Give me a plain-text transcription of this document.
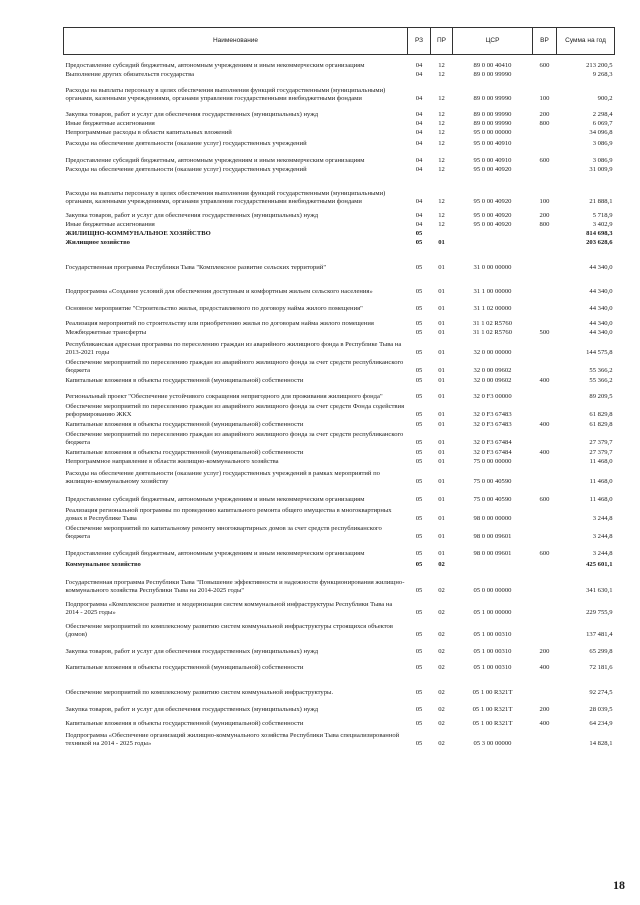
Наименование	РЗ	ПР	ЦСР	ВР	Сумма на год
Предоставление субсидий бюджетным, автономным учреждениям и иным некоммерческим организациям	04	12	89 0 00 40410	600	213 200,5
Выполнение других обязательств государства	04	12	89 0 00 99990		9 268,3
Расходы на выплаты персоналу в целях обеспечения выполнения функций государственными (муниципальными) органами, казенными учреждениями, органами управления государственными внебюджетными фондами	04	12	89 0 00 99990	100	900,2
Закупка товаров, работ и услуг для обеспечения государственных (муниципальных) нужд	04	12	89 0 00 99990	200	2 298,4
Иные бюджетные ассигнования	04	12	89 0 00 99990	800	6 069,7
Непрограммные расходы в области капитальных вложений	04	12	95 0 00 00000		34 096,8
Расходы на обеспечение деятельности (оказание услуг) государственных учреждений	04	12	95 0 00 40910		3 086,9
Предоставление субсидий бюджетным, автономным учреждениям и иным некоммерческим организациям	04	12	95 0 00 40910	600	3 086,9
Расходы на обеспечение деятельности (оказание услуг) государственных учреждений	04	12	95 0 00 40920		31 009,9
Расходы на выплаты персоналу в целях обеспечения выполнения функций государственными (муниципальными) органами, казенными учреждениями, органами управления государственными внебюджетными фондами	04	12	95 0 00 40920	100	21 888,1
Закупка товаров, работ и услуг для обеспечения государственных (муниципальных) нужд	04	12	95 0 00 40920	200	5 718,9
Иные бюджетные ассигнования	04	12	95 0 00 40920	800	3 402,9
ЖИЛИЩНО-КОММУНАЛЬНОЕ ХОЗЯЙСТВО	05				814 698,3
Жилищное хозяйство	05	01			203 628,6
Государственная программа Республики Тыва "Комплексное развитие сельских территорий"	05	01	31 0 00 00000		44 340,0
Подпрограмма «Создание условий для обеспечения доступным и комфортным жильем сельского населения»	05	01	31 1 00 00000		44 340,0
Основное мероприятие "Строительство жилья, предоставляемого по договору найма жилого помещения"	05	01	31 1 02 00000		44 340,0
Реализация мероприятий по строительству или приобретению жилья по договорам найма жилого помещения	05	01	31 1 02 R5760		44 340,0
Межбюджетные трансферты	05	01	31 1 02 R5760	500	44 340,0
Республиканская адресная программа по переселению граждан из аварийного жилищного фонда в Республике Тыва на 2013-2021 годы	05	01	32 0 00 00000		144 575,8
Обеспечение мероприятий по переселению граждан из аварийного жилищного фонда за счет средств республиканского бюджета	05	01	32 0 00 09602		55 366,2
Капитальные вложения в объекты государственной (муниципальной) собственности	05	01	32 0 00 09602	400	55 366,2
Региональный проект "Обеспечение устойчивого сокращения непригодного для проживания жилищного фонда"	05	01	32 0 F3 00000		89 209,5
Обеспечение мероприятий по переселению граждан из аварийного жилищного фонда за счет средств Фонда содействия реформированию ЖКХ	05	01	32 0 F3 67483		61 829,8
Капитальные вложения в объекты государственной (муниципальной) собственности	05	01	32 0 F3 67483	400	61 829,8
Обеспечение мероприятий по переселению граждан из аварийного жилищного фонда за счет средств республиканского бюджета	05	01	32 0 F3 67484		27 379,7
Капитальные вложения в объекты государственной (муниципальной) собственности	05	01	32 0 F3 67484	400	27 379,7
Непрограммное направление в области жилищно-коммунального хозяйства	05	01	75 0 00 00000		11 468,0
Расходы на обеспечение деятельности (оказание услуг) государственных учреждений в рамках мероприятий по жилищно-коммунальному хозяйству	05	01	75 0 00 40590		11 468,0
Предоставление субсидий бюджетным, автономным учреждениям и иным некоммерческим организациям	05	01	75 0 00 40590	600	11 468,0
Реализация региональной программы по проведению капитального ремонта общего имущества в многоквартирных домах в Республике Тыва	05	01	98 0 00 00000		3 244,8
Обеспечение мероприятий по капитальному ремонту многоквартирных домов за счет средств республиканского бюджета	05	01	98 0 00 09601		3 244,8
Предоставление субсидий бюджетным, автономным учреждениям и иным некоммерческим организациям	05	01	98 0 00 09601	600	3 244,8
Коммунальное хозяйство	05	02			425 601,1
Государственная программа Республики Тыва "Повышение эффективности и надежности функционирования жилищно-коммунального хозяйства Республики Тыва на 2014-2025 годы"	05	02	05 0 00 00000		341 630,1
Подпрограмма «Комплексное развитие и модернизация систем коммунальной инфраструктуры Республики Тыва на 2014 - 2025 годы»	05	02	05 1 00 00000		229 755,9
Обеспечение мероприятий по комплексному развитию систем коммунальной инфраструктуры строящихся объектов (домов)	05	02	05 1 00 00310		137 481,4
Закупка товаров, работ и услуг для обеспечения государственных (муниципальных) нужд	05	02	05 1 00 00310	200	65 299,8
Капитальные вложения в объекты государственной (муниципальной) собственности	05	02	05 1 00 00310	400	72 181,6
Обеспечение мероприятий по комплексному развитию систем коммунальной инфраструктуры.	05	02	05 1 00 R321Т		92 274,5
Закупка товаров, работ и услуг для обеспечения государственных (муниципальных) нужд	05	02	05 1 00 R321Т	200	28 039,5
Капитальные вложения в объекты государственной (муниципальной) собственности	05	02	05 1 00 R321Т	400	64 234,9
Подпрограмма «Обеспечение организаций жилищно-коммунального хозяйства Республики Тыва специализированной техникой на 2014 - 2025 годы»	05	02	05 3 00 00000		14 828,1
18
